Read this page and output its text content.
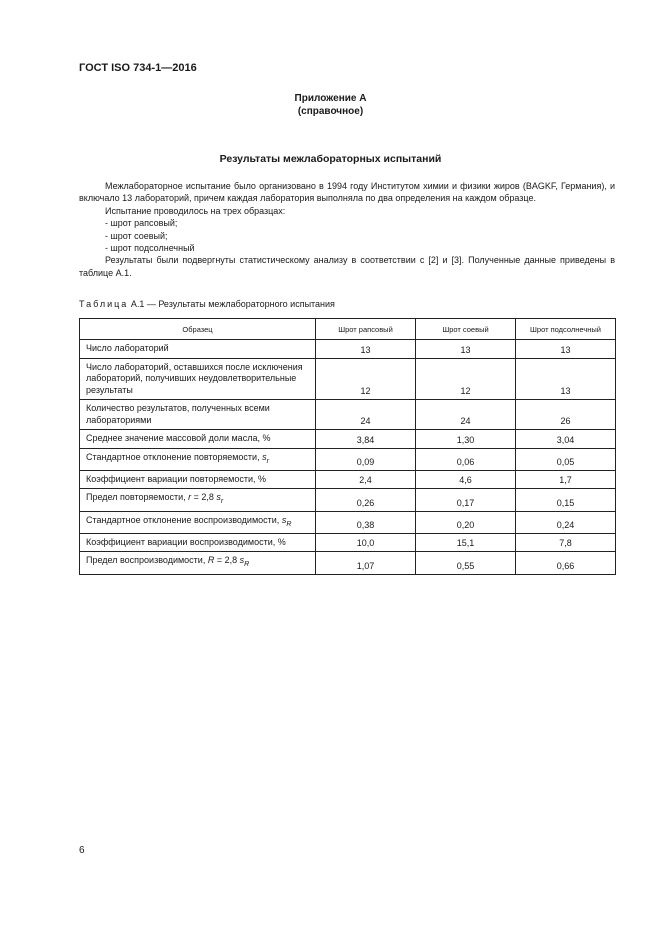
ГОСТ ISO 734-1—2016
Приложение А
(справочное)
Результаты межлабораторных испытаний

Межлабораторное испытание было организовано в 1994 году Институтом химии и физики жиров (BAGKF, Германия), и включало 13 лабораторий, причем каждая лаборатория выполняла по два определения на каждом образце.

Испытание проводилось на трех образцах:

- шрот рапсовый;

- шрот соевый;

- шрот подсолнечный

Результаты были подвергнуты статистическому анализу в соответствии с [2] и [3]. Полученные данные приведены в таблице А.1.

Таблица А.1 — Результаты межлабораторного испытания
Образец	Шрот рапсовый	Шрот соевый	Шрот подсолнечный
Число лабораторий	13	13	13
Число лабораторий, оставшихся после исключения лабораторий, получивших неудовлетворительные результаты	12	12	13
Количество результатов, полученных всеми лабораториями	24	24	26
Среднее значение массовой доли масла, %	3,84	1,30	3,04
Стандартное отклонение повторяемости, $s_r$	0,09	0,06	0,05
Коэффициент вариации повторяемости, %	2,4	4,6	1,7
Предел повторяемости, r = 2,8 $s_r$	0,26	0,17	0,15
Стандартное отклонение воспроизводимости, $s_R$	0,38	0,20	0,24
Коэффициент вариации воспроизводимости, %	10,0	15,1	7,8
Предел воспроизводимости, R = 2,8 $s_R$	1,07	0,55	0,66
6
